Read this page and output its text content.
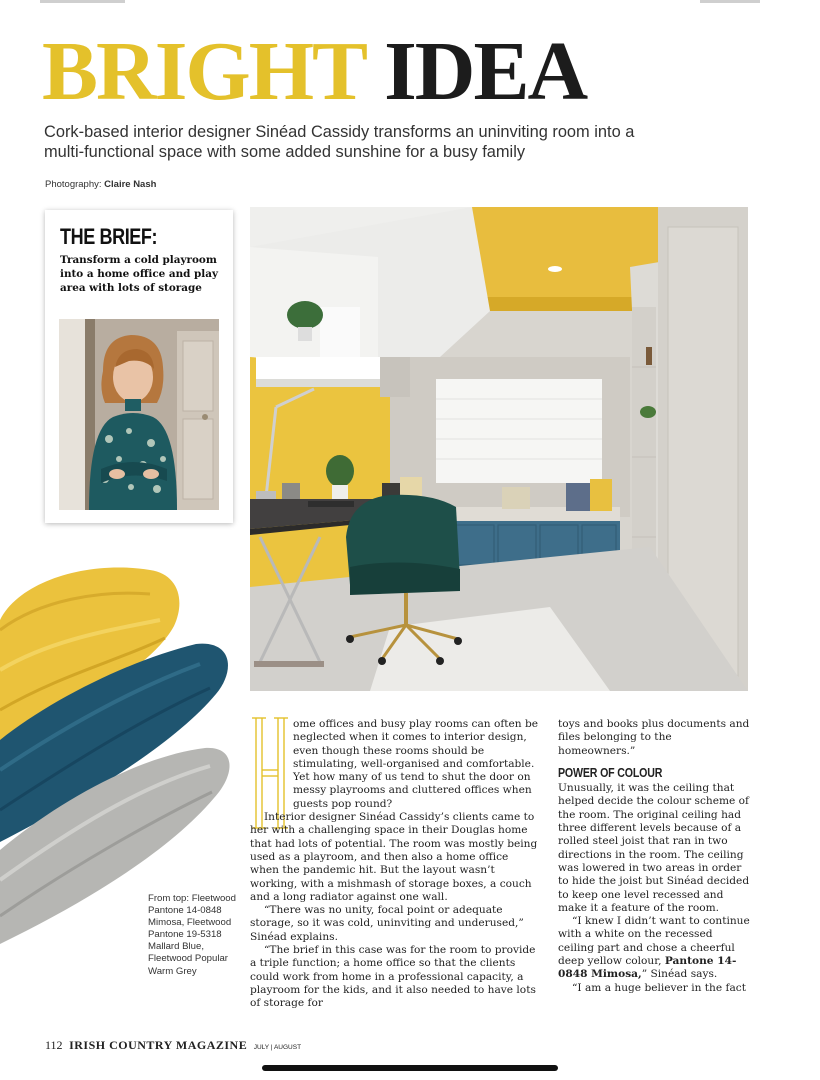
BRIGHT IDEA

Cork-based interior designer Sinéad Cassidy transforms an uninviting room into a multi-functional space with some added sunshine for a busy family

Photography: Claire Nash

THE BRIEF:
Transform a cold playroom into a home office and play area with lots of storage
From top: Fleetwood Pantone 14-0848 Mimosa, Fleetwood Pantone 19-5318 Mallard Blue, Fleetwood Popular Warm Grey
H

ome offices and busy play rooms can often be neglected when it comes to interior design, even though these rooms should be stimulating, well-organised and comfortable. Yet how many of us tend to shut the door on messy playrooms and cluttered offices when guests pop round?

Interior designer Sinéad Cassidy’s clients came to her with a challenging space in their Douglas home that had lots of potential. The room was mostly being used as a playroom, and then also a home office when the pandemic hit. But the layout wasn’t working, with a mishmash of storage boxes, a couch and a long radiator against one wall.

“There was no unity, focal point or adequate storage, so it was cold, uninviting and underused,” Sinéad explains.

“The brief in this case was for the room to provide a triple function; a home office so that the clients could work from home in a professional capacity, a playroom for the kids, and it also needed to have lots of storage for

toys and books plus documents and files belonging to the homeowners.”

POWER OF COLOUR

Unusually, it was the ceiling that helped decide the colour scheme of the room. The original ceiling had three different levels because of a rolled steel joist that ran in two directions in the room. The ceiling was lowered in two areas in order to hide the joist but Sinéad decided to keep one level recessed and make it a feature of the room.

“I knew I didn’t want to continue with a white on the recessed ceiling part and chose a cheerful deep yellow colour, Pantone 14-0848 Mimosa,” Sinéad says.

“I am a huge believer in the fact

112 IRISH COUNTRY MAGAZINE JULY | AUGUST
